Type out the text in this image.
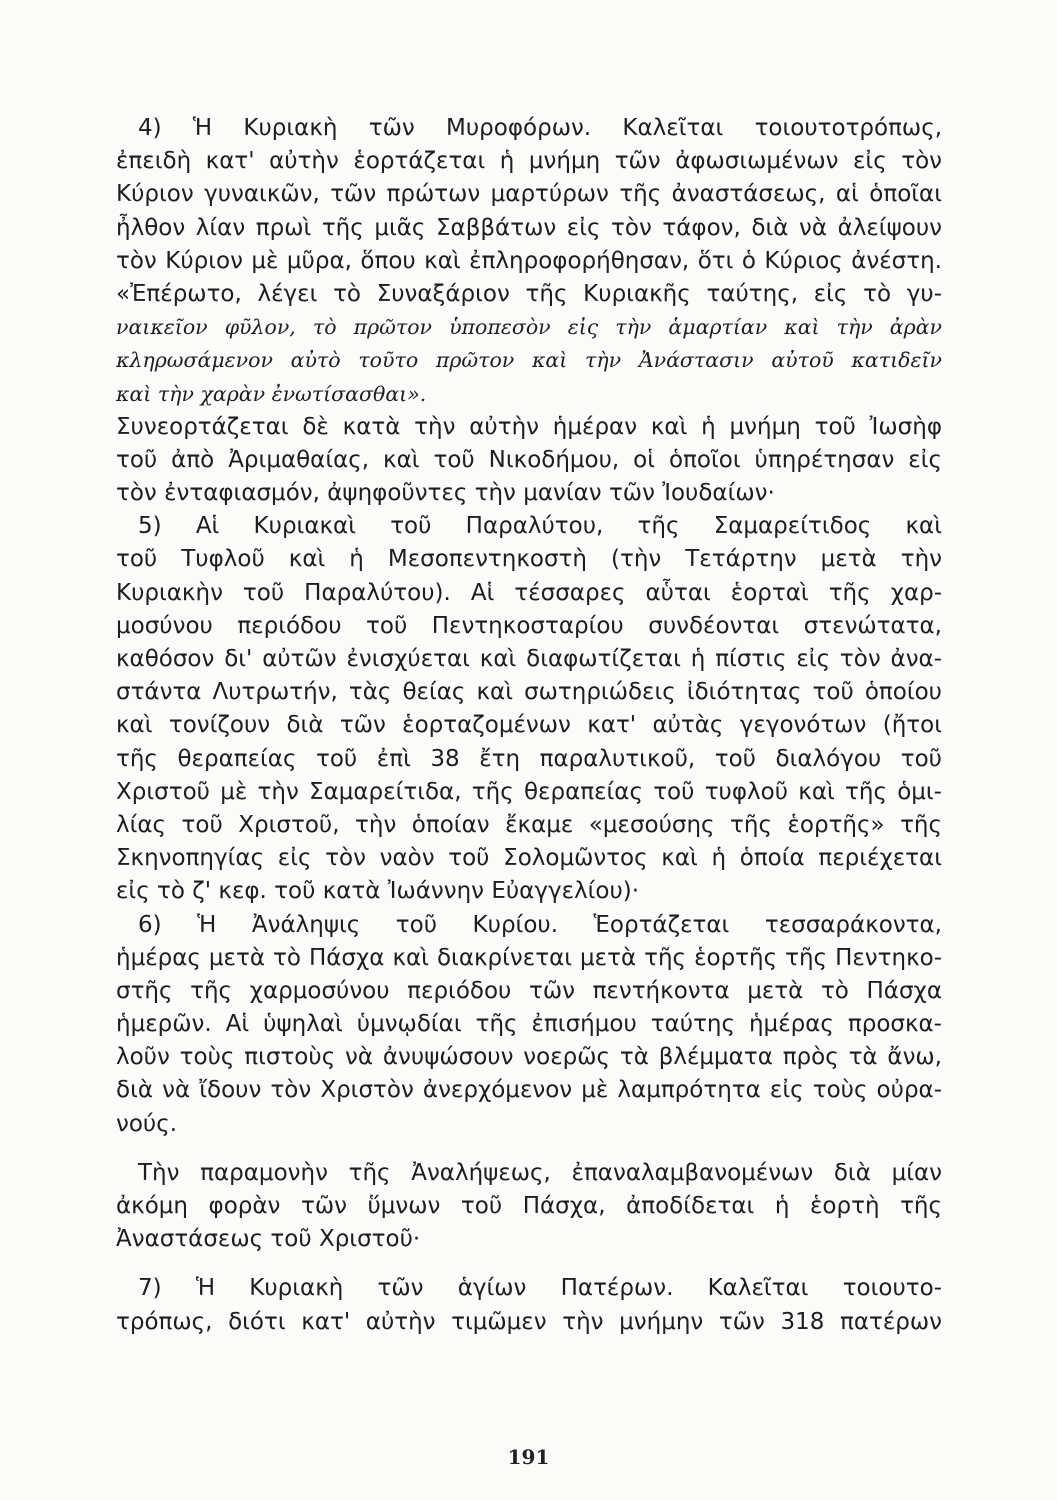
4) Ἡ Κυριακὴ τῶν Μυροφόρων. Καλεῖται τοιουτοτρόπως,
ἐπειδὴ κατ' αὐτὴν ἑορτάζεται ἡ μνήμη τῶν ἀφωσιωμένων εἰς τὸν
Κύριον γυναικῶν, τῶν πρώτων μαρτύρων τῆς ἀναστάσεως, αἱ ὁποῖαι
ἦλθον λίαν πρωὶ τῆς μιᾶς Σαββάτων εἰς τὸν τάφον, διὰ νὰ ἀλείψουν
τὸν Κύριον μὲ μῦρα, ὅπου καὶ ἐπληροφορήθησαν, ὅτι ὁ Κύριος ἀνέστη.
«Ἐπέρωτο, λέγει τὸ Συναξάριον τῆς Κυριακῆς ταύτης, εἰς τὸ γυ-
ναικεῖον φῦλον, τὸ πρῶτον ὑποπεσὸν εἰς τὴν ἁμαρτίαν καὶ τὴν ἀρὰν
κληρωσάμενον αὐτὸ τοῦτο πρῶτον καὶ τὴν Ἀνάστασιν αὐτοῦ κατιδεῖν
καὶ τὴν χαρὰν ἐνωτίσασθαι».
Συνεορτάζεται δὲ κατὰ τὴν αὐτὴν ἡμέραν καὶ ἡ μνήμη τοῦ Ἰωσὴφ
τοῦ ἀπὸ Ἀριμαθαίας, καὶ τοῦ Νικοδήμου, οἱ ὁποῖοι ὑπηρέτησαν εἰς
τὸν ἐνταφιασμόν, ἀψηφοῦντες τὴν μανίαν τῶν Ἰουδαίων·
5) Αἱ Κυριακαὶ τοῦ Παραλύτου, τῆς Σαμαρείτιδος καὶ
τοῦ Τυφλοῦ καὶ ἡ Μεσοπεντηκοστὴ (τὴν Τετάρτην μετὰ τὴν
Κυριακὴν τοῦ Παραλύτου). Αἱ τέσσαρες αὗται ἑορταὶ τῆς χαρ-
μοσύνου περιόδου τοῦ Πεντηκοσταρίου συνδέονται στενώτατα,
καθόσον δι' αὐτῶν ἐνισχύεται καὶ διαφωτίζεται ἡ πίστις εἰς τὸν ἀνα-
στάντα Λυτρωτήν, τὰς θείας καὶ σωτηριώδεις ἰδιότητας τοῦ ὁποίου
καὶ τονίζουν διὰ τῶν ἑορταζομένων κατ' αὐτὰς γεγονότων (ἤτοι
τῆς θεραπείας τοῦ ἐπὶ 38 ἔτη παραλυτικοῦ, τοῦ διαλόγου τοῦ
Χριστοῦ μὲ τὴν Σαμαρείτιδα, τῆς θεραπείας τοῦ τυφλοῦ καὶ τῆς ὁμι-
λίας τοῦ Χριστοῦ, τὴν ὁποίαν ἔκαμε «μεσούσης τῆς ἑορτῆς» τῆς
Σκηνοπηγίας εἰς τὸν ναὸν τοῦ Σολομῶντος καὶ ἡ ὁποία περιέχεται
εἰς τὸ ζ' κεφ. τοῦ κατὰ Ἰωάννην Εὐαγγελίου)·
6) Ἡ Ἀνάληψις τοῦ Κυρίου. Ἑορτάζεται τεσσαράκοντα,
ἡμέρας μετὰ τὸ Πάσχα καὶ διακρίνεται μετὰ τῆς ἑορτῆς τῆς Πεντηκο-
στῆς τῆς χαρμοσύνου περιόδου τῶν πεντήκοντα μετὰ τὸ Πάσχα
ἡμερῶν. Αἱ ὑψηλαὶ ὑμνῳδίαι τῆς ἐπισήμου ταύτης ἡμέρας προσκα-
λοῦν τοὺς πιστοὺς νὰ ἀνυψώσουν νοερῶς τὰ βλέμματα πρὸς τὰ ἄνω,
διὰ νὰ ἴδουν τὸν Χριστὸν ἀνερχόμενον μὲ λαμπρότητα εἰς τοὺς οὐρα-
νούς.
Τὴν παραμονὴν τῆς Ἀναλήψεως, ἐπαναλαμβανομένων διὰ μίαν
ἀκόμη φορὰν τῶν ὕμνων τοῦ Πάσχα, ἀποδίδεται ἡ ἑορτὴ τῆς
Ἀναστάσεως τοῦ Χριστοῦ·
7) Ἡ Κυριακὴ τῶν ἁγίων Πατέρων. Καλεῖται τοιουτο-
τρόπως, διότι κατ' αὐτὴν τιμῶμεν τὴν μνήμην τῶν 318 πατέρων
191
